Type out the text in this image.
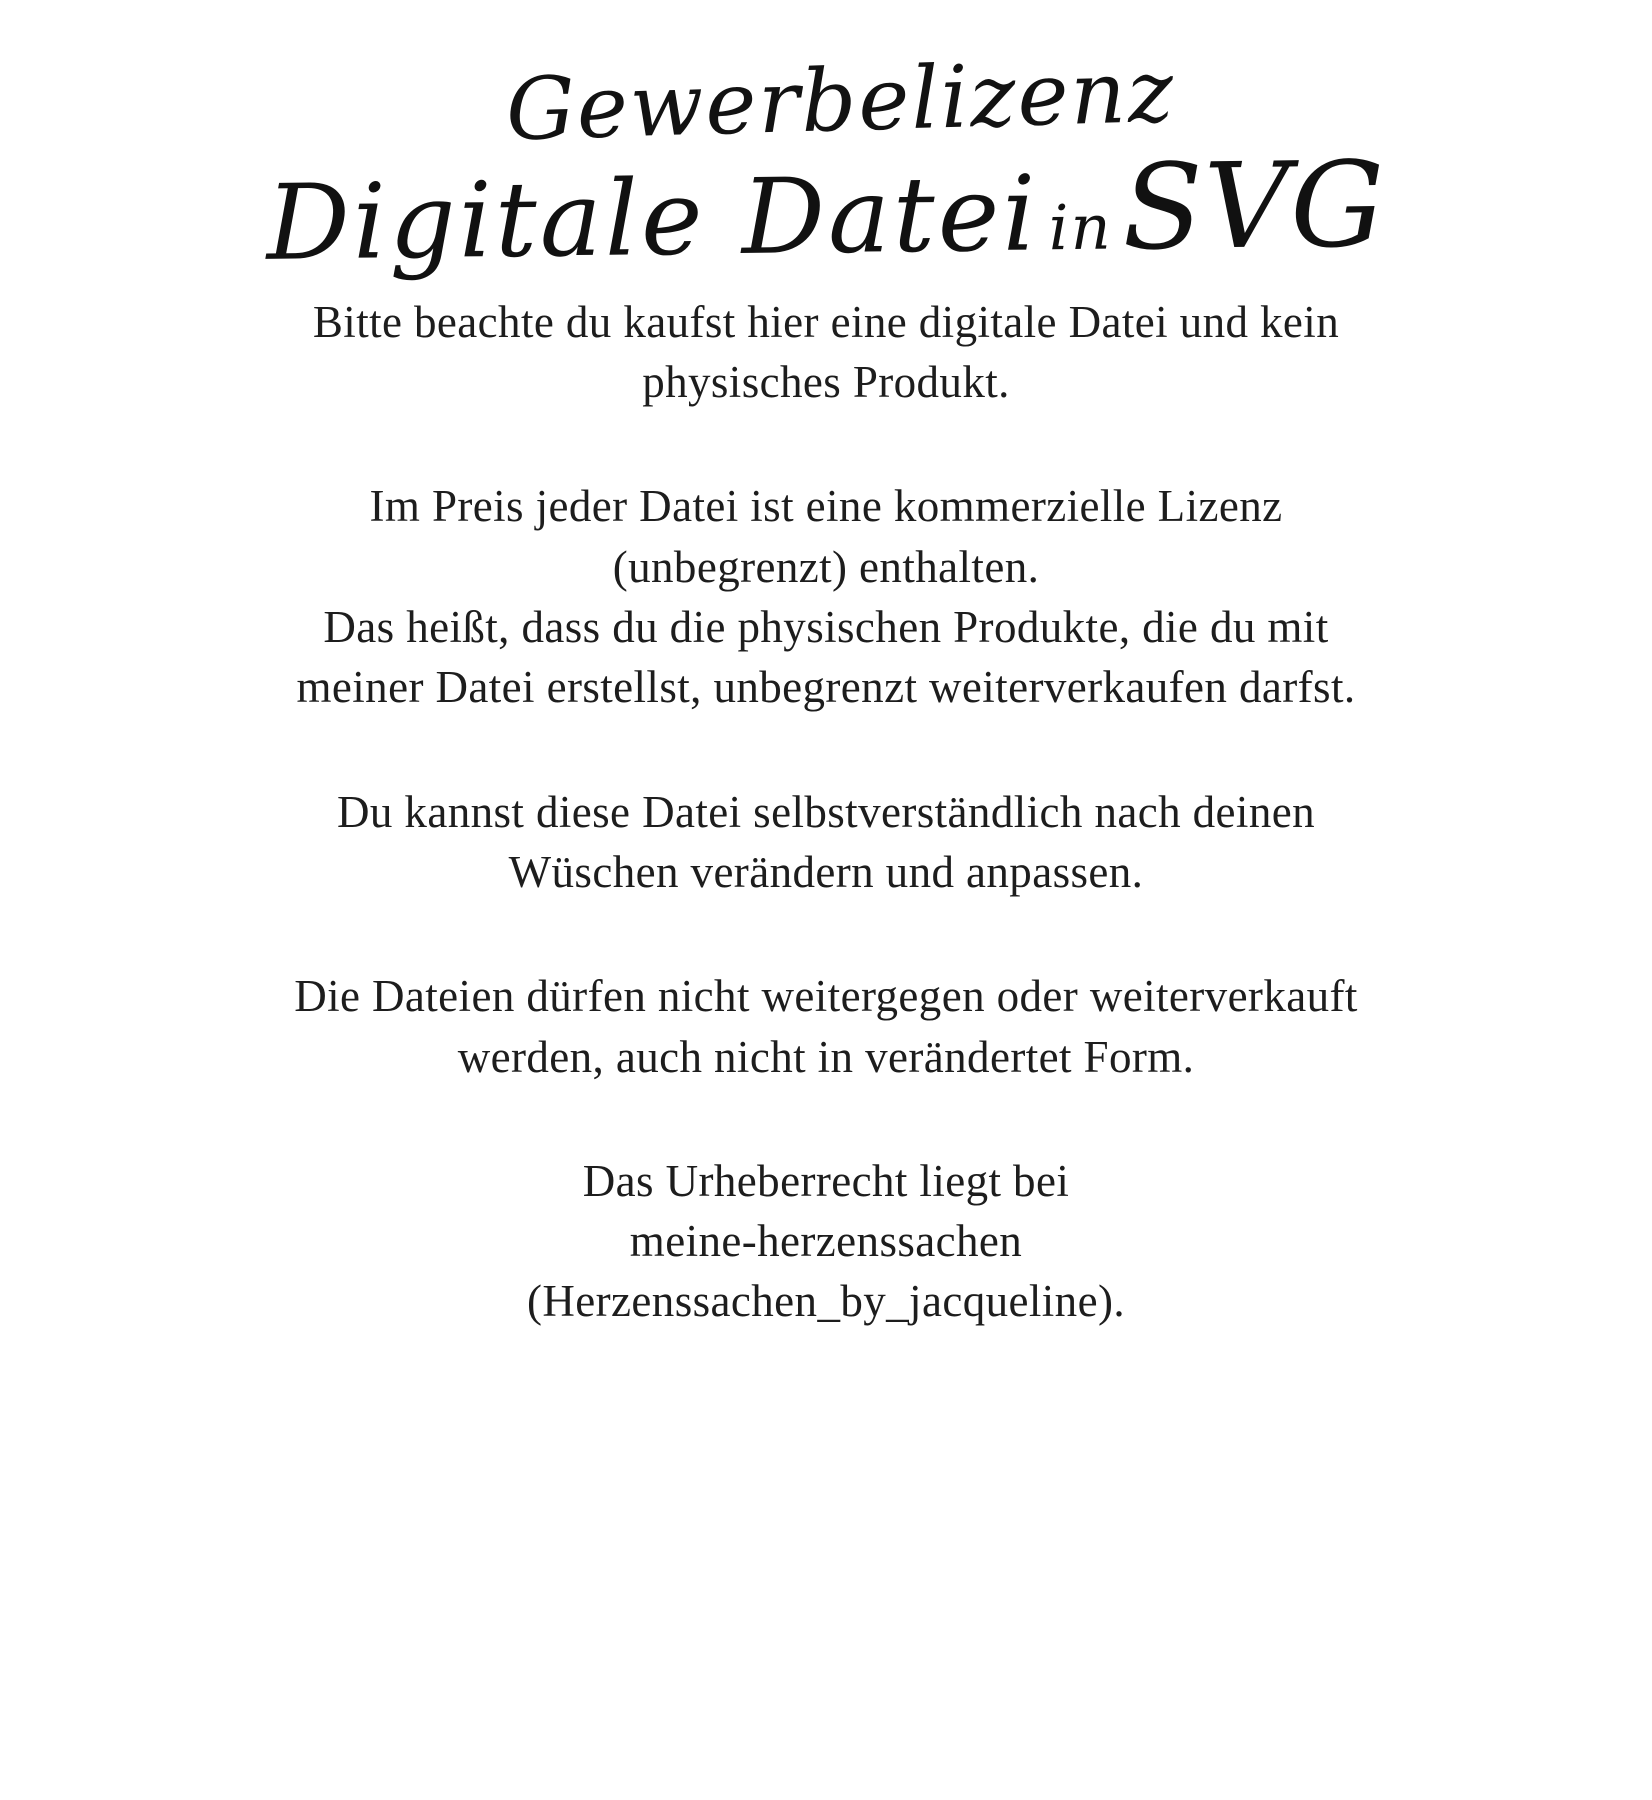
Gewerbelizenz
Digitale Datei inSVG

Bitte beachte du kaufst hier eine digitale Datei und kein physisches Produkt.

Im Preis jeder Datei ist eine kommerzielle Lizenz (unbegrenzt) enthalten.

Das heißt, dass du die physischen Produkte, die du mit meiner Datei erstellst, unbegrenzt weiterverkaufen darfst.

Du kannst diese Datei selbstverständlich nach deinen Wüschen verändern und anpassen.

Die Dateien dürfen nicht weitergegen oder weiterverkauft werden, auch nicht in verändertet Form.

Das Urheberrecht liegt bei

meine-herzenssachen

(Herzenssachen_by_jacqueline).
